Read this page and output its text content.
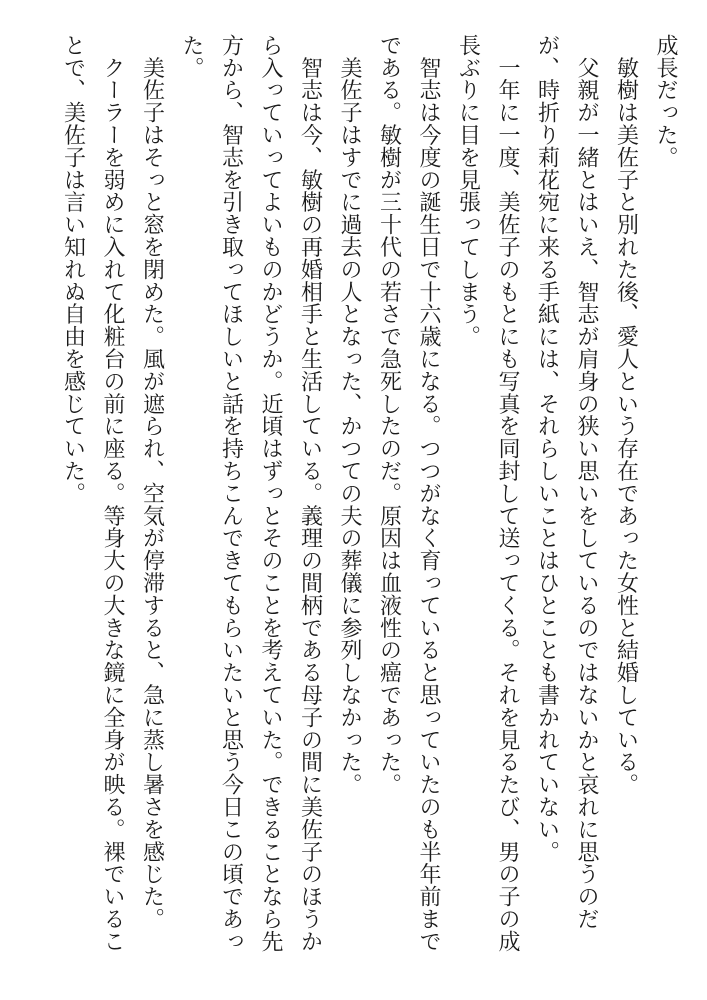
成長だった。
　敏樹は美佐子と別れた後、愛人という存在であった女性と結婚している。
　父親が一緒とはいえ、智志が肩身の狭い思いをしているのではないかと哀れに思うのだ
が、時折り莉花宛に来る手紙には、それらしいことはひとことも書かれていない。
　一年に一度、美佐子のもとにも写真を同封して送ってくる。それを見るたび、男の子の成
長ぶりに目を見張ってしまう。
　智志は今度の誕生日で十六歳になる。つつがなく育っていると思っていたのも半年前まで
である。敏樹が三十代の若さで急死したのだ。原因は血液性の癌であった。
　美佐子はすでに過去の人となった、かつての夫の葬儀に参列しなかった。
　智志は今、敏樹の再婚相手と生活している。義理の間柄である母子の間に美佐子のほうか
ら入っていってよいものかどうか。近頃はずっとそのことを考えていた。できることなら先
方から、智志を引き取ってほしいと話を持ちこんできてもらいたいと思う今日この頃であっ
た。
　美佐子はそっと窓を閉めた。風が遮られ、空気が停滞すると、急に蒸し暑さを感じた。
　クーラーを弱めに入れて化粧台の前に座る。等身大の大きな鏡に全身が映る。裸でいるこ
とで、美佐子は言い知れぬ自由を感じていた。
